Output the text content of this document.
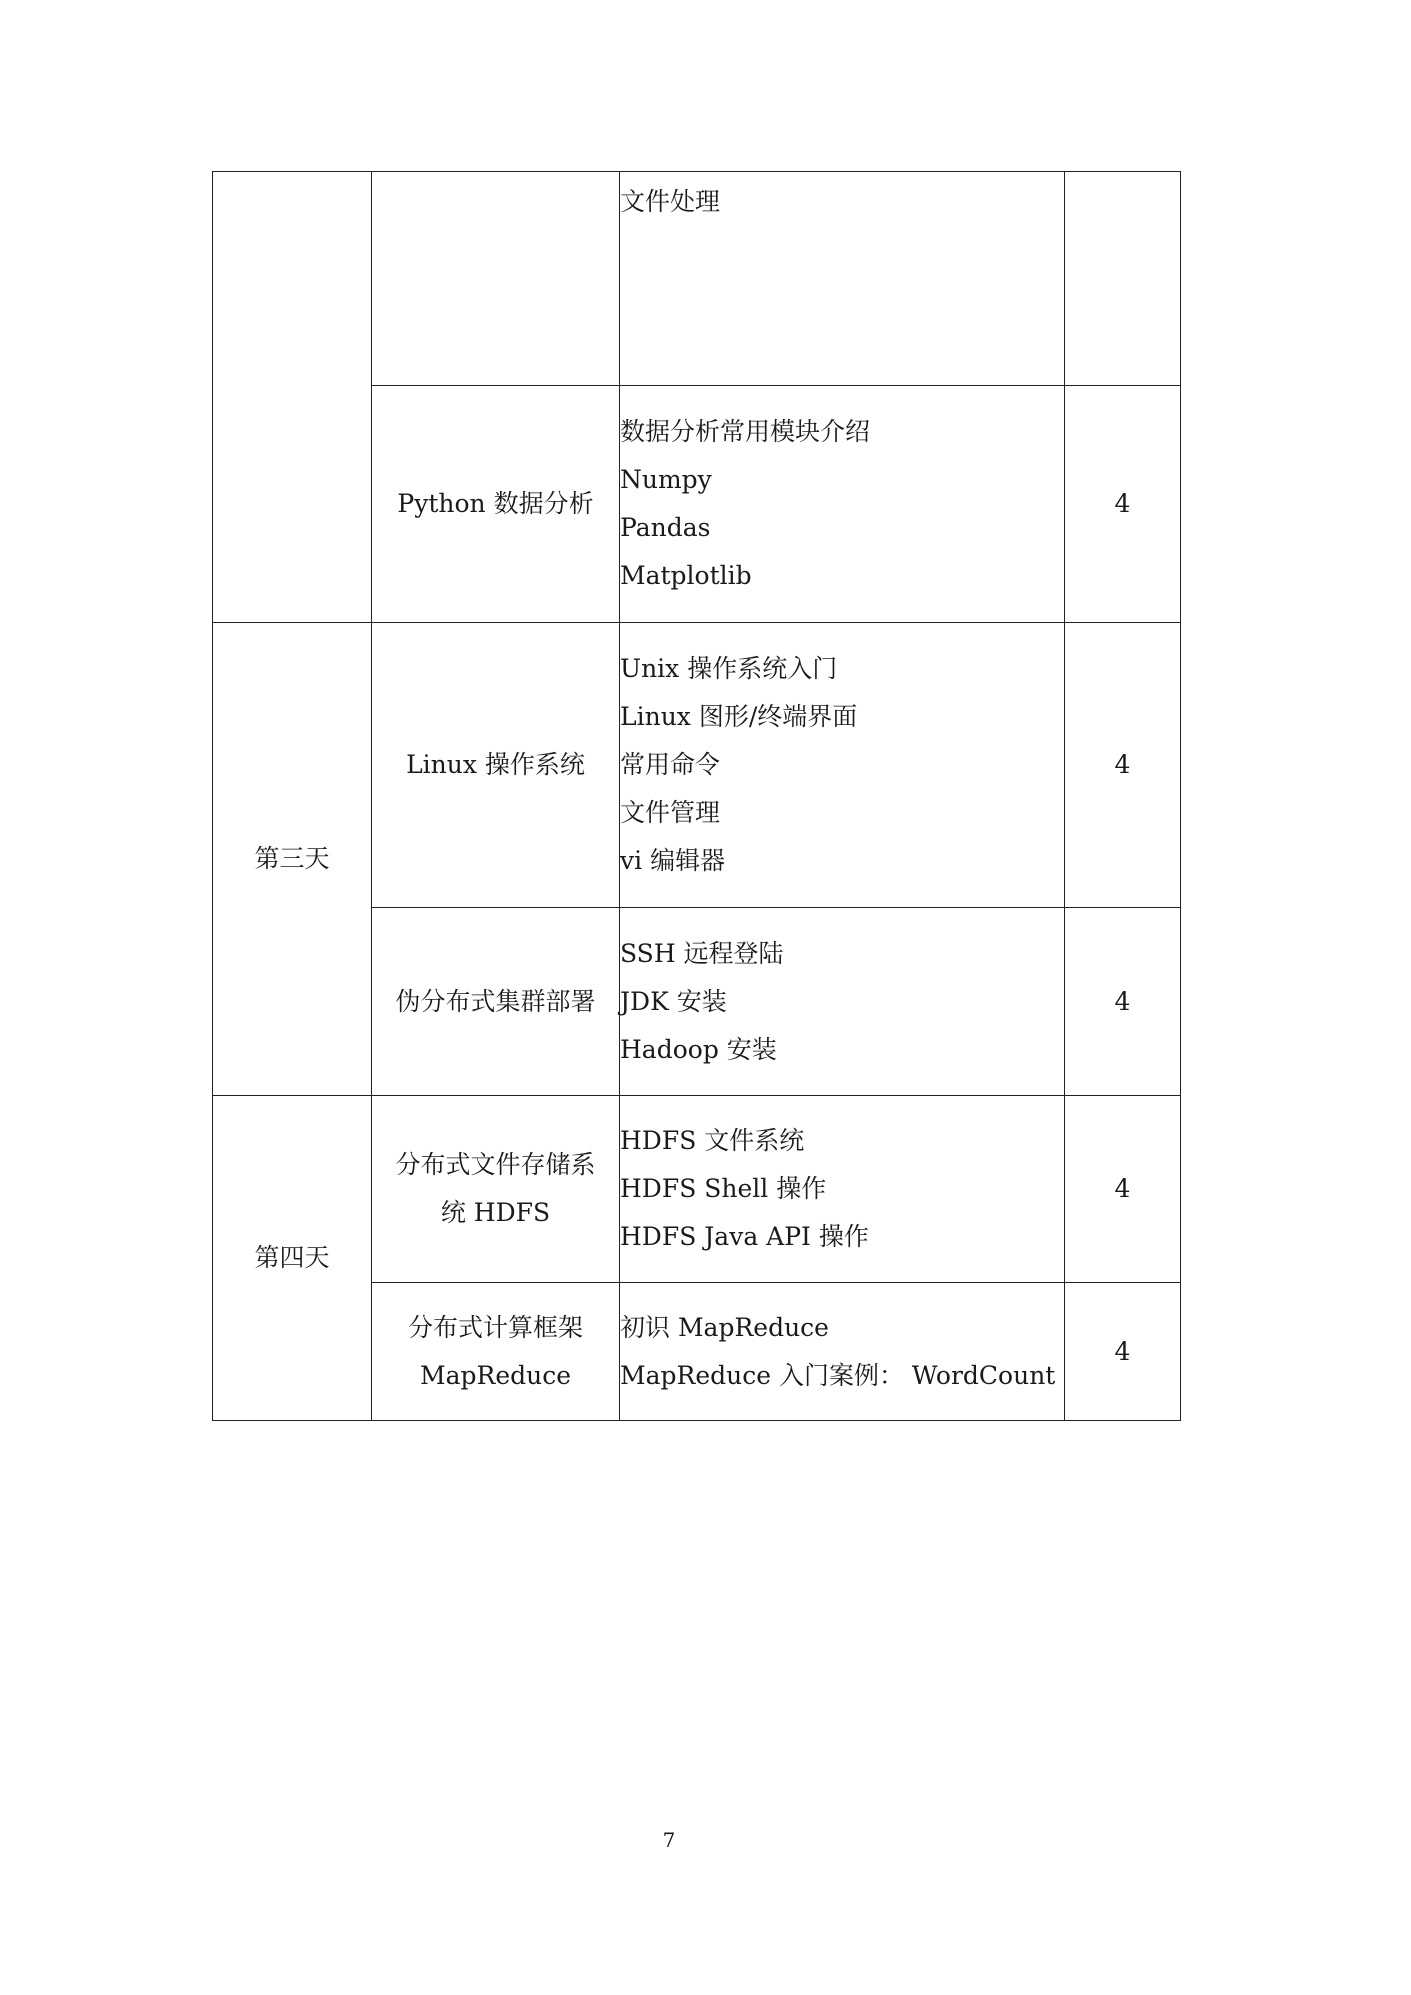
		文件处理	

	Python 数据分析	数据分析常用模块介绍
Numpy
Pandas
Matplotlib	4
第三天	Linux 操作系统	Unix 操作系统入门
Linux 图形/终端界面
常用命令
文件管理
vi 编辑器	4

	伪分布式集群部署	SSH 远程登陆
JDK 安装
Hadoop 安装	4
第四天	分布式文件存储系
统 HDFS	HDFS 文件系统
HDFS Shell 操作
HDFS Java API 操作	4

	分布式计算框架
MapReduce	初识 MapReduce
MapReduce 入门案例： WordCount	4
7
